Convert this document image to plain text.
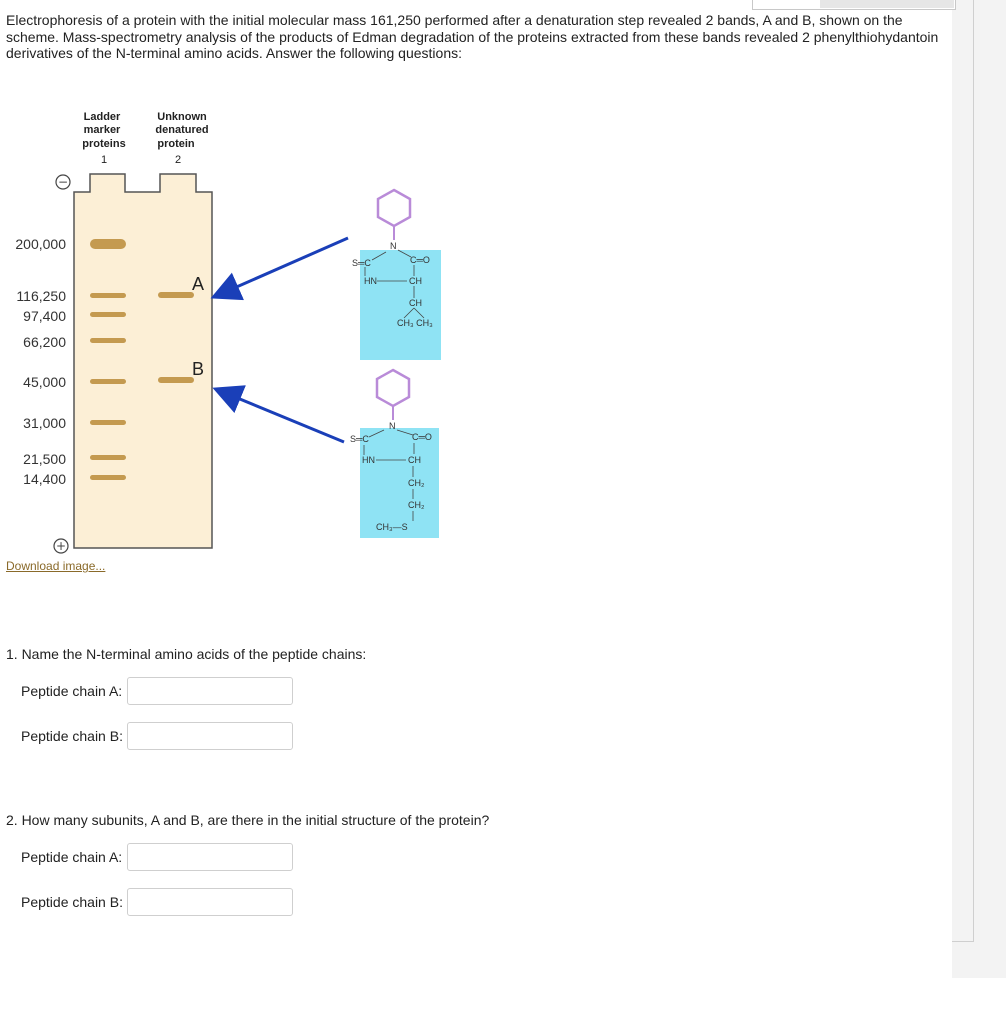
Electrophoresis of a protein with the initial molecular mass 161,250 performed after a denaturation step revealed 2 bands, A and B, shown on the scheme. Mass-spectrometry analysis of the products of Edman degradation of the proteins extracted from these bands revealed 2 phenylthiohydantoin derivatives of the N-terminal amino acids. Answer the following questions:
Ladder
marker
proteins
1
Unknown
denatured
protein
2
−
+
200,000
116,250
97,400
66,200
45,000
31,000
21,500
14,400
A
B
N
S═C	C═O
HN	CH
CH
CH₃ CH₃
N
S═C	C═O
HN	CH
CH₂
CH₂
CH₃—S
Download image...
1. Name the N-terminal amino acids of the peptide chains:
Peptide chain A:
Peptide chain B:
2. How many subunits, A and B, are there in the initial structure of the protein?
Peptide chain A:
Peptide chain B:
